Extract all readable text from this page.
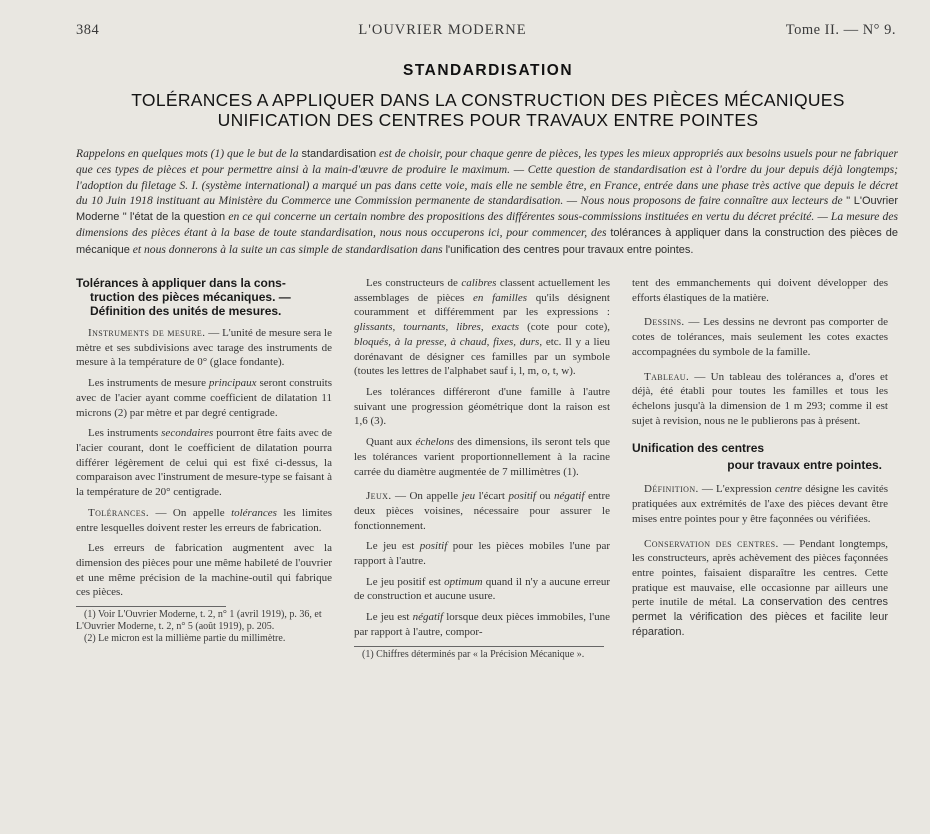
384	L'OUVRIER MODERNE	Tome II. — N° 9.
STANDARDISATION
TOLÉRANCES A APPLIQUER DANS LA CONSTRUCTION DES PIÈCES MÉCANIQUES
UNIFICATION DES CENTRES POUR TRAVAUX ENTRE POINTES
Rappelons en quelques mots (1) que le but de la standardisation est de choisir, pour chaque genre de pièces, les types les mieux appropriés aux besoins usuels pour ne fabriquer que ces types de pièces et pour permettre ainsi à la main-d'œuvre de produire le maximum. — Cette question de standardisation est à l'ordre du jour depuis déjà longtemps; l'adoption du filetage S. I. (système international) a marqué un pas dans cette voie, mais elle ne semble être, en France, entrée dans une phase très active que depuis le décret du 10 Juin 1918 instituant au Ministère du Commerce une Commission permanente de standardisation. — Nous nous proposons de faire connaître aux lecteurs de " L'Ouvrier Moderne " l'état de la question en ce qui concerne un certain nombre des propositions des différentes sous-commissions instituées en vertu du décret précité. — La mesure des dimensions des pièces étant à la base de toute standardisation, nous nous occuperons ici, pour commencer, des tolérances à appliquer dans la construction des pièces de mécanique et nous donnerons à la suite un cas simple de standardisation dans l'unification des centres pour travaux entre pointes.
Tolérances à appliquer dans la cons-
truction des pièces mécaniques. —
Définition des unités de mesures.

Instruments de mesure. — L'unité de mesure sera le mètre et ses subdivisions avec tarage des instruments de mesure à la température de 0° (glace fondante).

Les instruments de mesure principaux seront construits avec de l'acier ayant comme coefficient de dilatation 11 microns (2) par mètre et par degré centigrade.

Les instruments secondaires pourront être faits avec de l'acier courant, dont le coefficient de dilatation pourra différer légèrement de celui qui est fixé ci-dessus, la comparaison avec l'instrument de mesure-type se faisant à la température de 20° centigrade.

Tolérances. — On appelle tolérances les limites entre lesquelles doivent rester les erreurs de fabrication.

Les erreurs de fabrication augmentent avec la dimension des pièces pour une même habileté de l'ouvrier et une même précision de la machine-outil qui fabrique ces pièces.

(1) Voir L'Ouvrier Moderne, t. 2, n° 1 (avril 1919), p. 36, et L'Ouvrier Moderne, t. 2, n° 5 (août 1919), p. 205.
(2) Le micron est la millième partie du millimètre.

Les constructeurs de calibres classent actuellement les assemblages de pièces en familles qu'ils désignent couramment et différemment par les expressions : glissants, tournants, libres, exacts (cote pour cote), bloqués, à la presse, à chaud, fixes, durs, etc. Il y a lieu dorénavant de désigner ces familles par un symbole (toutes les lettres de l'alphabet sauf i, l, m, o, t, w).

Les tolérances différeront d'une famille à l'autre suivant une progression géométrique dont la raison est 1,6 (3).

Quant aux échelons des dimensions, ils seront tels que les tolérances varient proportionnellement à la racine carrée du diamètre augmentée de 7 millimètres (1).

Jeux. — On appelle jeu l'écart positif ou négatif entre deux pièces voisines, nécessaire pour assurer le fonctionnement.

Le jeu est positif pour les pièces mobiles l'une par rapport à l'autre.

Le jeu positif est optimum quand il n'y a aucune erreur de construction et aucune usure.

Le jeu est négatif lorsque deux pièces immobiles, l'une par rapport à l'autre, compor-

(1) Chiffres déterminés par « la Précision Mécanique ».

tent des emmanchements qui doivent développer des efforts élastiques de la matière.

Dessins. — Les dessins ne devront pas comporter de cotes de tolérances, mais seulement les cotes exactes accompagnées du symbole de la famille.

Tableau. — Un tableau des tolérances a, d'ores et déjà, été établi pour toutes les familles et tous les échelons jusqu'à la dimension de 1 m 293; comme il est sujet à revision, nous ne le publierons pas à présent.

Unification des centres
pour travaux entre pointes.

Définition. — L'expression centre désigne les cavités pratiquées aux extrémités de l'axe des pièces devant être mises entre pointes pour y être façonnées ou vérifiées.

Conservation des centres. — Pendant longtemps, les constructeurs, après achèvement des pièces façonnées entre pointes, faisaient disparaître les centres. Cette pratique est mauvaise, elle occasionne par ailleurs une perte inutile de métal. La conservation des centres permet la vérification des pièces et facilite leur réparation.
